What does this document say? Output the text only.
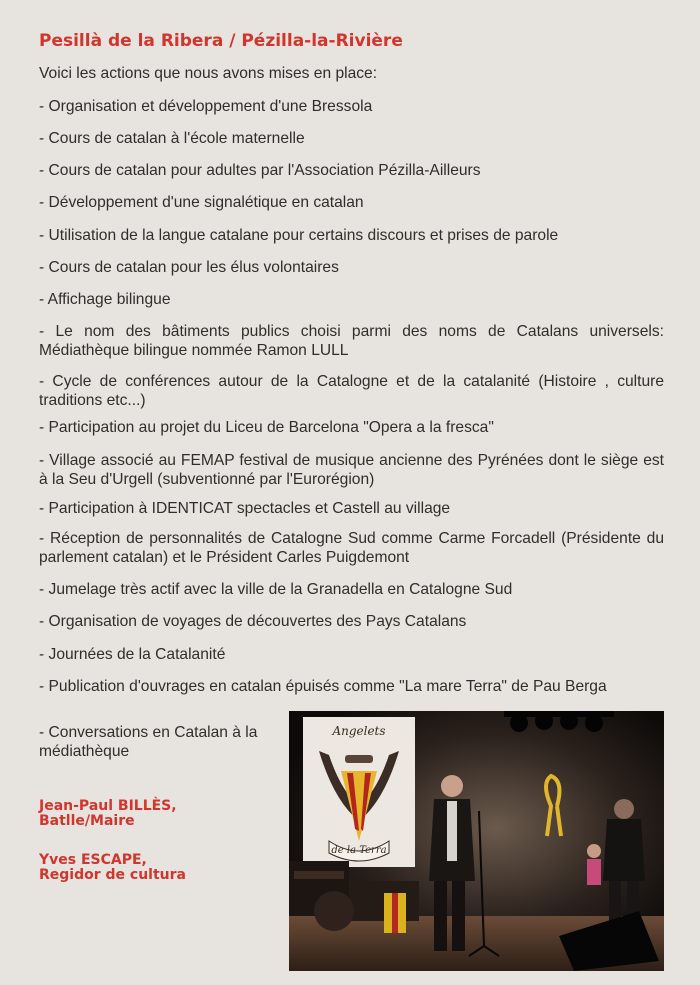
Pesillà de la Ribera / Pézilla-la-Rivière

Voici les actions que nous avons mises en place:

- Organisation et développement d'une Bressola

- Cours de catalan à l'école maternelle

- Cours de catalan pour adultes par l'Association Pézilla-Ailleurs

- Développement d'une signalétique en catalan

- Utilisation de la langue catalane pour certains discours et prises de parole

- Cours de catalan pour les élus volontaires

- Affichage bilingue

- Le nom des bâtiments publics choisi parmi des noms de Catalans universels: Médiathèque bilingue nommée Ramon LULL

- Cycle de conférences autour de la Catalogne et de la catalanité (Histoire , culture traditions etc...)

- Participation au projet du Liceu de Barcelona "Opera a la fresca"

- Village associé au FEMAP festival de musique ancienne des Pyrénées dont le siège est à la Seu d'Urgell (subventionné par l'Eurorégion)

- Participation à IDENTICAT spectacles et Castell au village

- Réception de personnalités de Catalogne Sud comme Carme Forcadell (Présidente du parlement catalan) et le Président Carles Puigdemont

- Jumelage très actif avec la ville de la Granadella en Catalogne Sud

- Organisation de voyages de découvertes des Pays Catalans

- Journées de la Catalanité

- Publication d'ouvrages en catalan épuisés comme "La mare Terra" de Pau Berga

- Conversations en Catalan à la médiathèque

Jean-Paul BILLÈS,

Batlle/Maire

Yves ESCAPE,

Regidor de cultura

Angelets
de la Terra
